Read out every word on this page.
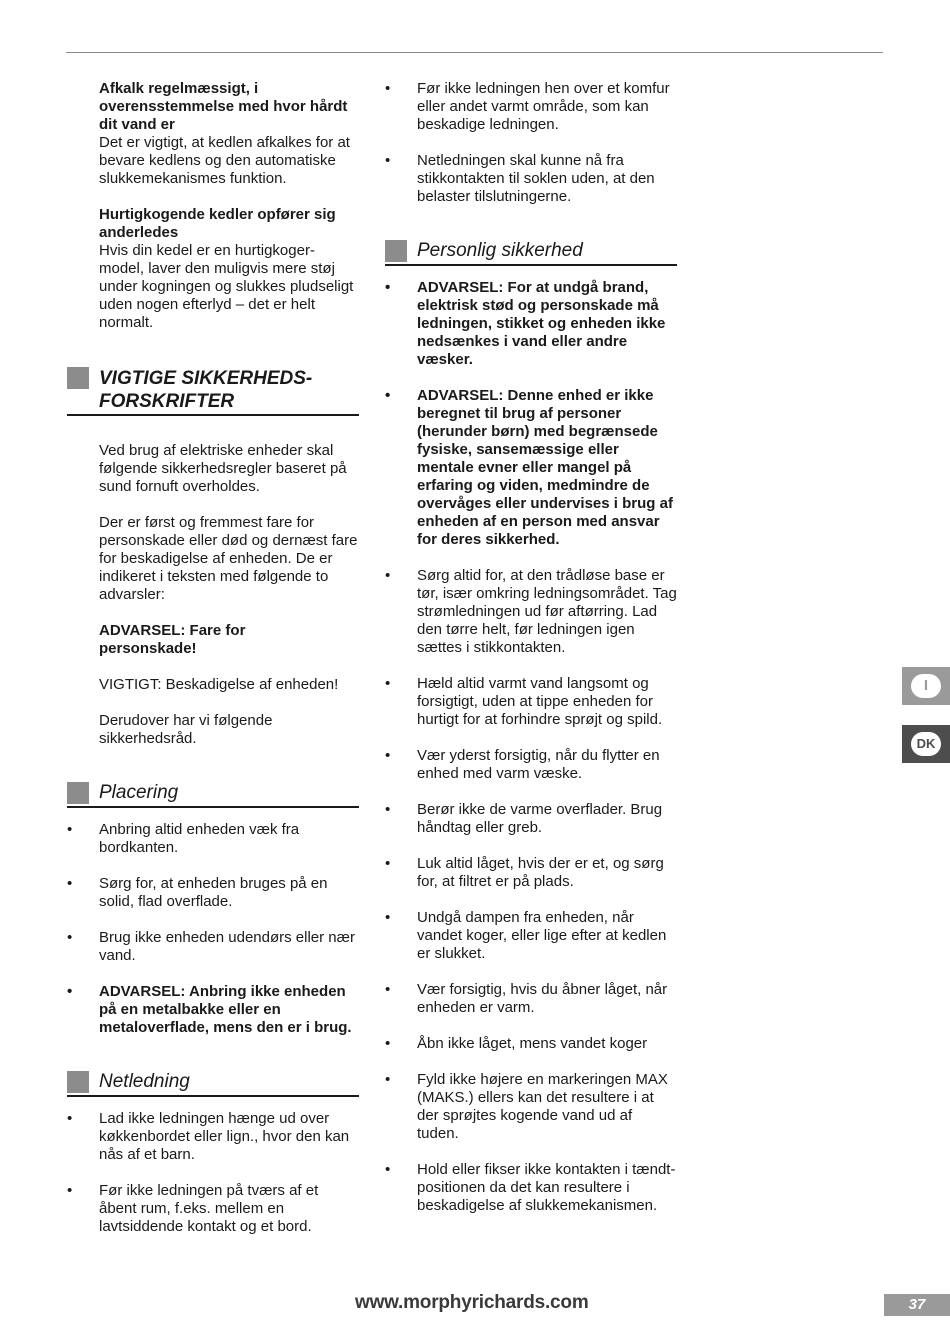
Afkalk regelmæssigt, i overensstemmelse med hvor hårdt dit vand er

Det er vigtigt, at kedlen afkalkes for at bevare kedlens og den automatiske slukkemekanismes funktion.

Hurtigkogende kedler opfører sig anderledes

Hvis din kedel er en hurtigkoger-model, laver den muligvis mere støj under kogningen og slukkes pludseligt uden nogen efterlyd – det er helt normalt.

VIGTIGE SIKKERHEDS-
FORSKRIFTER

Ved brug af elektriske enheder skal følgende sikkerhedsregler baseret på sund fornuft overholdes.

Der er først og fremmest fare for personskade eller død og dernæst fare for beskadigelse af enheden. De er indikeret i teksten med følgende to advarsler:

ADVARSEL: Fare for personskade!

VIGTIGT: Beskadigelse af enheden!

Derudover har vi følgende sikkerhedsråd.

Placering
• Anbring altid enheden væk fra bordkanten.
• Sørg for, at enheden bruges på en solid, flad overflade.
• Brug ikke enheden udendørs eller nær vand.
• ADVARSEL: Anbring ikke enheden på en metalbakke eller en metaloverflade, mens den er i brug.
Netledning
• Lad ikke ledningen hænge ud over køkkenbordet eller lign., hvor den kan nås af et barn.
• Før ikke ledningen på tværs af et åbent rum, f.eks. mellem en lavtsiddende kontakt og et bord.
• Før ikke ledningen hen over et komfur eller andet varmt område, som kan beskadige ledningen.
• Netledningen skal kunne nå fra stikkontakten til soklen uden, at den belaster tilslutningerne.
Personlig sikkerhed
• ADVARSEL: For at undgå brand, elektrisk stød og personskade må ledningen, stikket og enheden ikke nedsænkes i vand eller andre væsker.
• ADVARSEL: Denne enhed er ikke beregnet til brug af personer (herunder børn) med begrænsede fysiske, sansemæssige eller mentale evner eller mangel på erfaring og viden, medmindre de overvåges eller undervises i brug af enheden af en person med ansvar for deres sikkerhed.
• Sørg altid for, at den trådløse base er tør, især omkring ledningsområdet. Tag strømledningen ud før aftørring. Lad den tørre helt, før ledningen igen sættes i stikkontakten.
• Hæld altid varmt vand langsomt og forsigtigt, uden at tippe enheden for hurtigt for at forhindre sprøjt og spild.
• Vær yderst forsigtig, når du flytter en enhed med varm væske.
• Berør ikke de varme overflader. Brug håndtag eller greb.
• Luk altid låget, hvis der er et, og sørg for, at filtret er på plads.
• Undgå dampen fra enheden, når vandet koger, eller lige efter at kedlen er slukket.
• Vær forsigtig, hvis du åbner låget, når enheden er varm.
• Åbn ikke låget, mens vandet koger
• Fyld ikke højere en markeringen MAX (MAKS.) ellers kan det resultere i at der sprøjtes kogende vand ud af tuden.
• Hold eller fikser ikke kontakten i tændt-positionen da det kan resultere i beskadigelse af slukkemekanismen.
I
DK
www.morphyrichards.com	37
